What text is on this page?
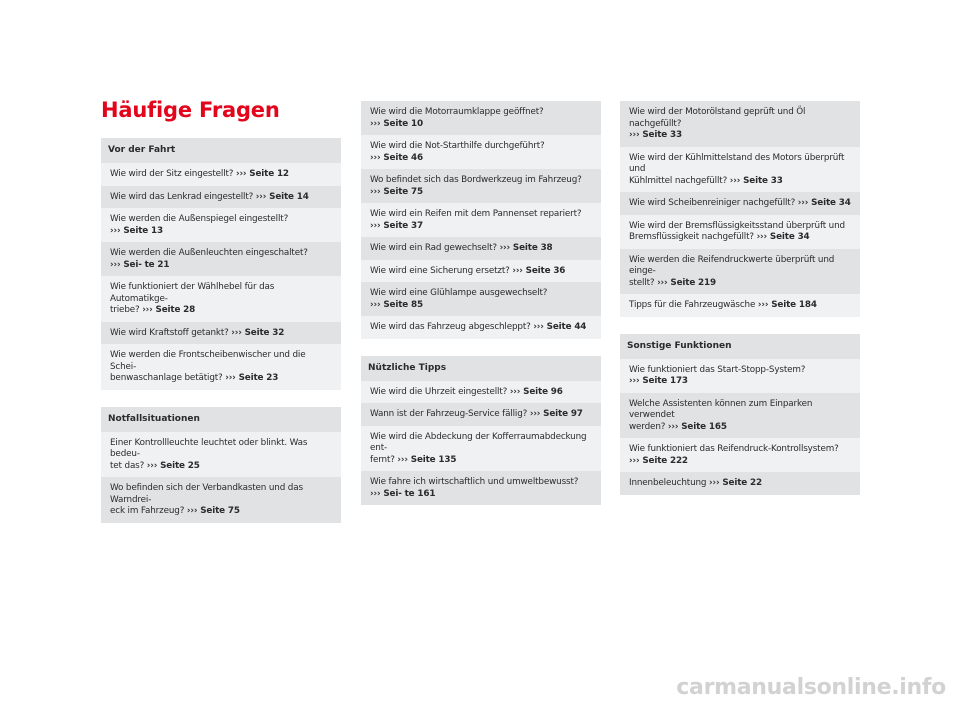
Häufige Fragen
Vor der Fahrt
Wie wird der Sitz eingestellt? ››› Seite 12
Wie wird das Lenkrad eingestellt? ››› Seite 14
Wie werden die Außenspiegel eingestellt? ››› Seite 13
Wie werden die Außenleuchten eingeschaltet? ››› Sei- te 21
Wie funktioniert der Wählhebel für das Automatikge-
triebe? ››› Seite 28
Wie wird Kraftstoff getankt? ››› Seite 32
Wie werden die Frontscheibenwischer und die Schei-
benwaschanlage betätigt? ››› Seite 23
Notfallsituationen
Einer Kontrollleuchte leuchtet oder blinkt. Was bedeu-
tet das? ››› Seite 25
Wo befinden sich der Verbandkasten und das Warndrei-
eck im Fahrzeug? ››› Seite 75
Wie wird die Motorraumklappe geöffnet? ››› Seite 10
Wie wird die Not-Starthilfe durchgeführt? ››› Seite 46
Wo befindet sich das Bordwerkzeug im Fahrzeug?
››› Seite 75
Wie wird ein Reifen mit dem Pannenset repariert?
››› Seite 37
Wie wird ein Rad gewechselt? ››› Seite 38
Wie wird eine Sicherung ersetzt? ››› Seite 36
Wie wird eine Glühlampe ausgewechselt? ››› Seite 85
Wie wird das Fahrzeug abgeschleppt? ››› Seite 44
Nützliche Tipps
Wie wird die Uhrzeit eingestellt? ››› Seite 96
Wann ist der Fahrzeug-Service fällig? ››› Seite 97
Wie wird die Abdeckung der Kofferraumabdeckung ent-
fernt? ››› Seite 135
Wie fahre ich wirtschaftlich und umweltbewusst? ››› Sei- te 161
Wie wird der Motorölstand geprüft und Öl nachgefüllt?
››› Seite 33
Wie wird der Kühlmittelstand des Motors überprüft und
Kühlmittel nachgefüllt? ››› Seite 33
Wie wird Scheibenreiniger nachgefüllt? ››› Seite 34
Wie wird der Bremsflüssigkeitsstand überprüft und
Bremsflüssigkeit nachgefüllt? ››› Seite 34
Wie werden die Reifendruckwerte überprüft und einge-
stellt? ››› Seite 219
Tipps für die Fahrzeugwäsche ››› Seite 184
Sonstige Funktionen
Wie funktioniert das Start-Stopp-System? ››› Seite 173
Welche Assistenten können zum Einparken verwendet
werden? ››› Seite 165
Wie funktioniert das Reifendruck-Kontrollsystem?
››› Seite 222
Innenbeleuchtung ››› Seite 22
carmanualsonline.info
